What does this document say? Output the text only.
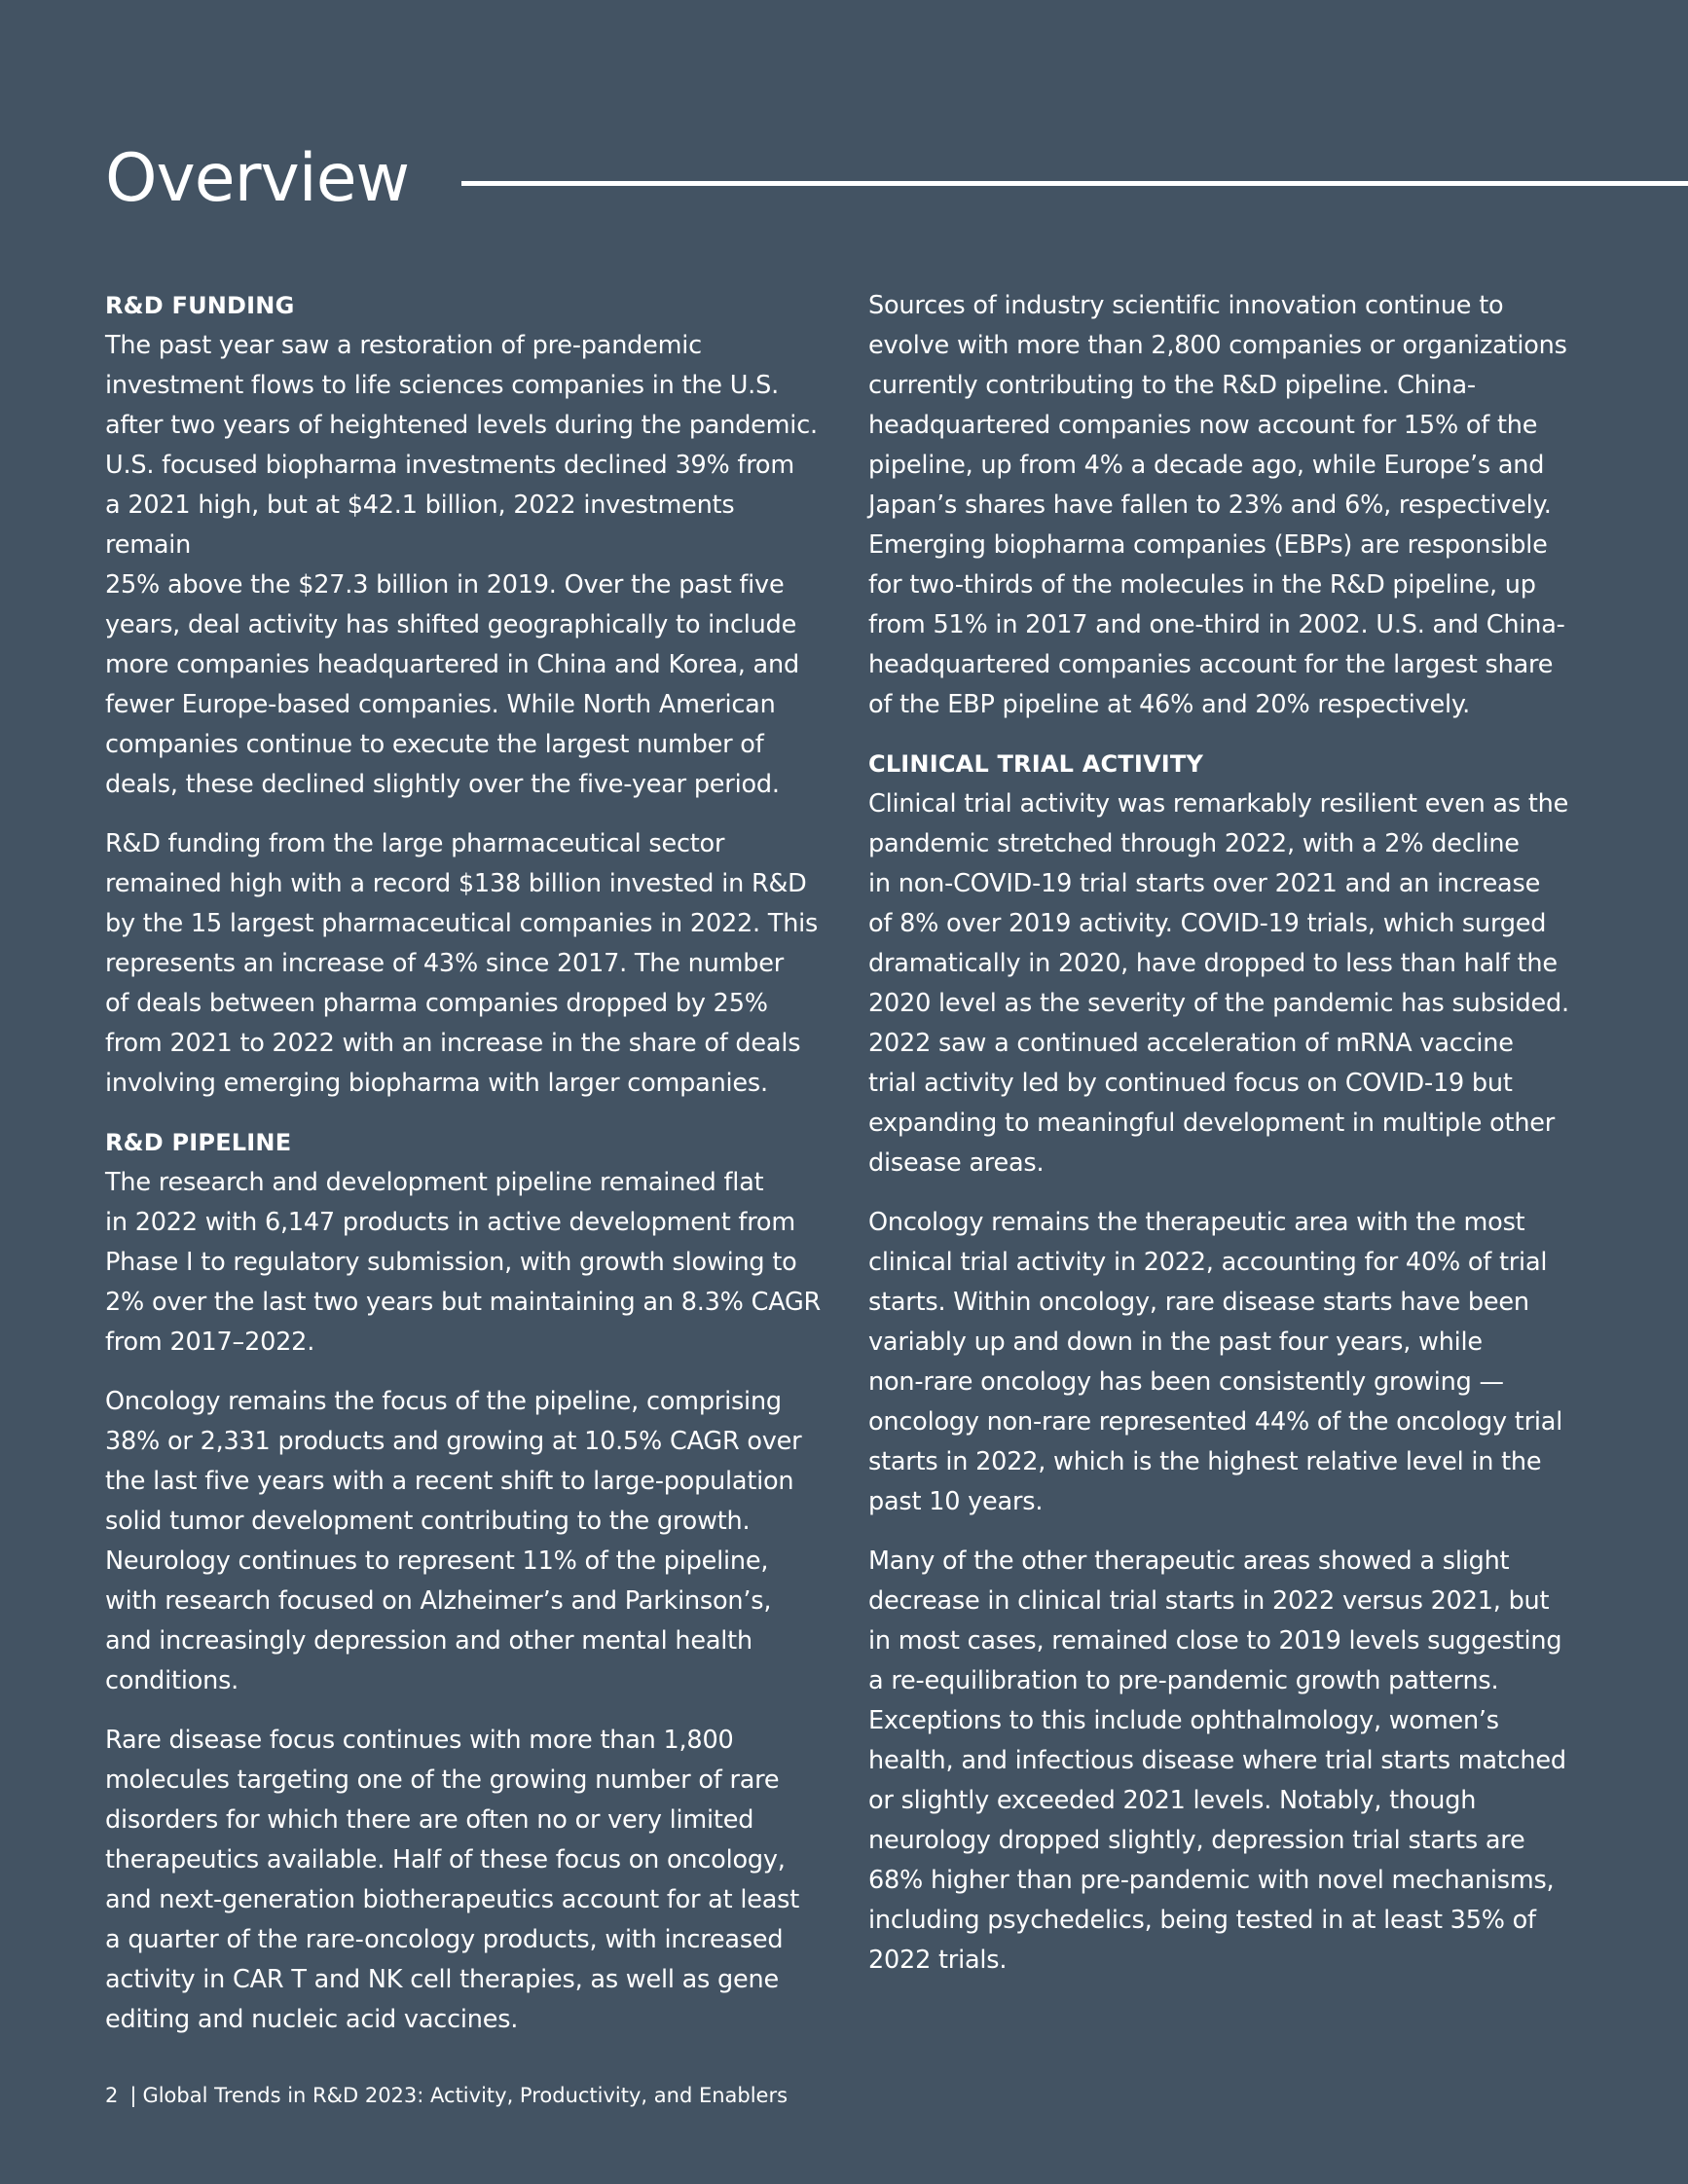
Overview
R&D FUNDING

The past year saw a restoration of pre-pandemic
investment flows to life sciences companies in the U.S.
after two years of heightened levels during the pandemic.
U.S. focused biopharma investments declined 39% from
a 2021 high, but at $42.1 billion, 2022 investments remain
25% above the $27.3 billion in 2019. Over the past five
years, deal activity has shifted geographically to include
more companies headquartered in China and Korea, and
fewer Europe-based companies. While North American
companies continue to execute the largest number of
deals, these declined slightly over the five-year period.

R&D funding from the large pharmaceutical sector
remained high with a record $138 billion invested in R&D
by the 15 largest pharmaceutical companies in 2022. This
represents an increase of 43% since 2017. The number
of deals between pharma companies dropped by 25%
from 2021 to 2022 with an increase in the share of deals
involving emerging biopharma with larger companies.

R&D PIPELINE

The research and development pipeline remained flat
in 2022 with 6,147 products in active development from
Phase I to regulatory submission, with growth slowing to
2% over the last two years but maintaining an 8.3% CAGR
from 2017–2022.

Oncology remains the focus of the pipeline, comprising
38% or 2,331 products and growing at 10.5% CAGR over
the last five years with a recent shift to large-population
solid tumor development contributing to the growth.
Neurology continues to represent 11% of the pipeline,
with research focused on Alzheimer’s and Parkinson’s,
and increasingly depression and other mental health
conditions.

Rare disease focus continues with more than 1,800
molecules targeting one of the growing number of rare
disorders for which there are often no or very limited
therapeutics available. Half of these focus on oncology,
and next-generation biotherapeutics account for at least
a quarter of the rare-oncology products, with increased
activity in CAR T and NK cell therapies, as well as gene
editing and nucleic acid vaccines.

Sources of industry scientific innovation continue to
evolve with more than 2,800 companies or organizations
currently contributing to the R&D pipeline. China-
headquartered companies now account for 15% of the
pipeline, up from 4% a decade ago, while Europe’s and
Japan’s shares have fallen to 23% and 6%, respectively.
Emerging biopharma companies (EBPs) are responsible
for two-thirds of the molecules in the R&D pipeline, up
from 51% in 2017 and one-third in 2002. U.S. and China-
headquartered companies account for the largest share
of the EBP pipeline at 46% and 20% respectively.

CLINICAL TRIAL ACTIVITY

Clinical trial activity was remarkably resilient even as the
pandemic stretched through 2022, with a 2% decline
in non-COVID-19 trial starts over 2021 and an increase
of 8% over 2019 activity. COVID-19 trials, which surged
dramatically in 2020, have dropped to less than half the
2020 level as the severity of the pandemic has subsided.
2022 saw a continued acceleration of mRNA vaccine
trial activity led by continued focus on COVID-19 but
expanding to meaningful development in multiple other
disease areas.

Oncology remains the therapeutic area with the most
clinical trial activity in 2022, accounting for 40% of trial
starts. Within oncology, rare disease starts have been
variably up and down in the past four years, while
non-rare oncology has been consistently growing —
oncology non-rare represented 44% of the oncology trial
starts in 2022, which is the highest relative level in the
past 10 years.

Many of the other therapeutic areas showed a slight
decrease in clinical trial starts in 2022 versus 2021, but
in most cases, remained close to 2019 levels suggesting
a re-equilibration to pre-pandemic growth patterns.
Exceptions to this include ophthalmology, women’s
health, and infectious disease where trial starts matched
or slightly exceeded 2021 levels. Notably, though
neurology dropped slightly, depression trial starts are
68% higher than pre-pandemic with novel mechanisms,
including psychedelics, being tested in at least 35% of
2022 trials.

2 | Global Trends in R&D 2023: Activity, Productivity, and Enablers
